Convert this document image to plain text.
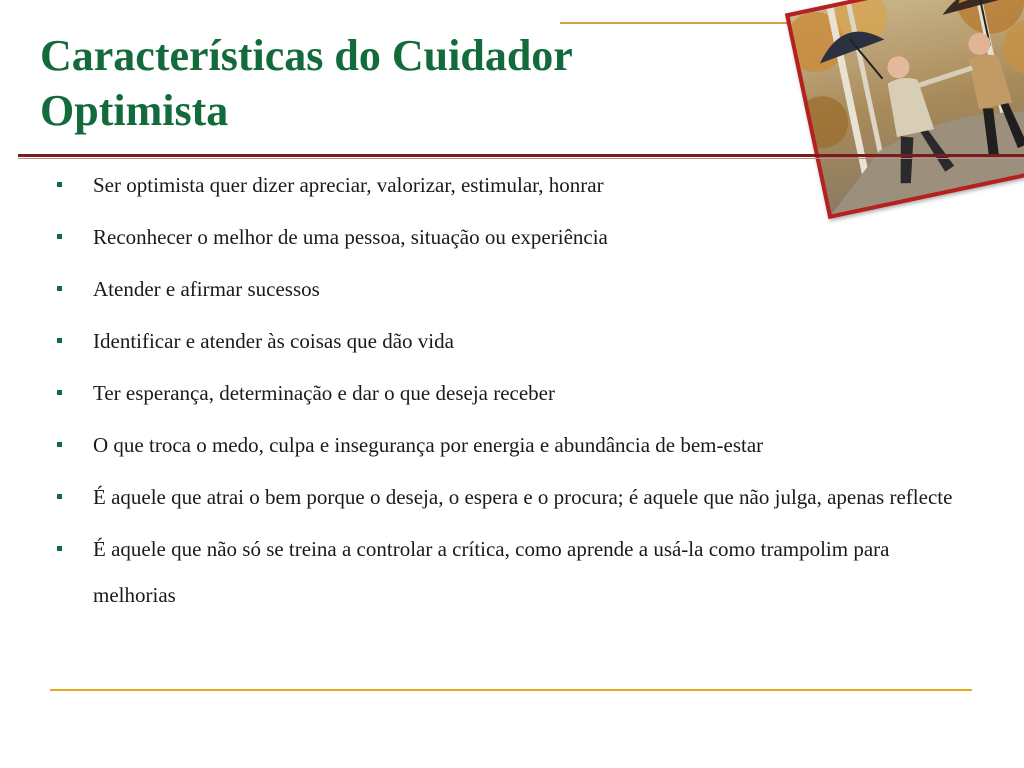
Características do Cuidador
Optimista
Ser optimista quer dizer apreciar, valorizar, estimular, honrar
Reconhecer o melhor de uma pessoa, situação ou experiência
Atender e afirmar sucessos
Identificar e atender às coisas que dão vida
Ter esperança, determinação e dar o que deseja receber
O que troca o medo, culpa e insegurança por energia e abundância de bem-estar
É aquele que atrai o bem porque o deseja, o espera e o procura; é aquele que não julga, apenas reflecte
É aquele que não só se treina a controlar a crítica, como aprende a usá-la como trampolim para melhorias
